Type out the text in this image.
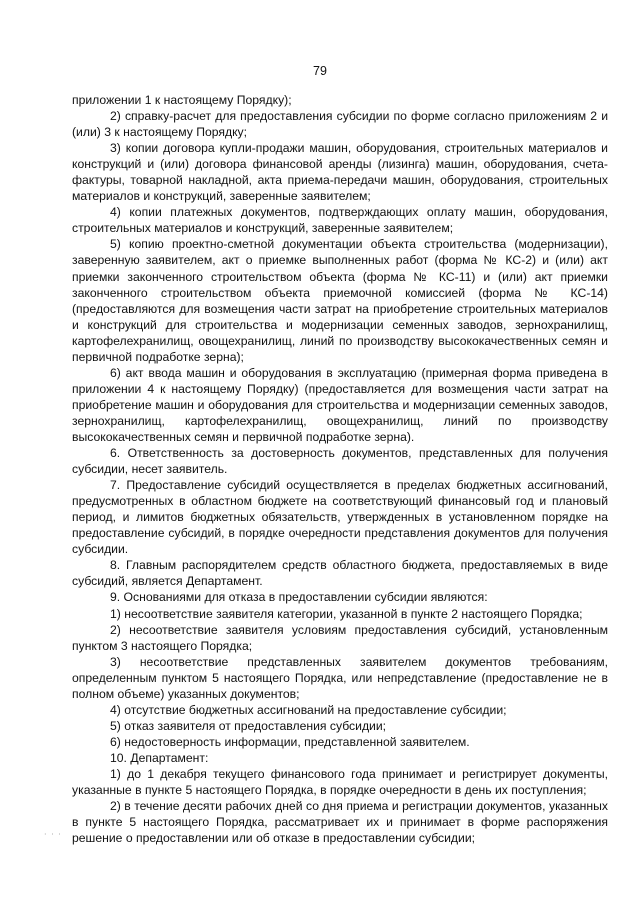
79

приложении 1 к настоящему Порядку);

2) справку-расчет для предоставления субсидии по форме согласно приложениям 2 и (или) 3 к настоящему Порядку;

3) копии договора купли-продажи машин, оборудования, строительных материалов и конструкций и (или) договора финансовой аренды (лизинга) машин, оборудования, счета-фактуры, товарной накладной, акта приема-передачи машин, оборудования, строительных материалов и конструкций, заверенные заявителем;

4) копии платежных документов, подтверждающих оплату машин, оборудования, строительных материалов и конструкций, заверенные заявителем;

5) копию проектно-сметной документации объекта строительства (модернизации), заверенную заявителем, акт о приемке выполненных работ (форма № КС-2) и (или) акт приемки законченного строительством объекта (форма № КС-11) и (или) акт приемки законченного строительством объекта приемочной комиссией (форма № КС-14) (предоставляются для возмещения части затрат на приобретение строительных материалов и конструкций для строительства и модернизации семенных заводов, зернохранилищ, картофелехранилищ, овощехранилищ, линий по производству высококачественных семян и первичной подработке зерна);

6) акт ввода машин и оборудования в эксплуатацию (примерная форма приведена в приложении 4 к настоящему Порядку) (предоставляется для возмещения части затрат на приобретение машин и оборудования для строительства и модернизации семенных заводов, зернохранилищ, картофелехранилищ, овощехранилищ, линий по производству высококачественных семян и первичной подработке зерна).

6. Ответственность за достоверность документов, представленных для получения субсидии, несет заявитель.

7. Предоставление субсидий осуществляется в пределах бюджетных ассигнований, предусмотренных в областном бюджете на соответствующий финансовый год и плановый период, и лимитов бюджетных обязательств, утвержденных в установленном порядке на предоставление субсидий, в порядке очередности представления документов для получения субсидии.

8. Главным распорядителем средств областного бюджета, предоставляемых в виде субсидий, является Департамент.

9. Основаниями для отказа в предоставлении субсидии являются:

1) несоответствие заявителя категории, указанной в пункте 2 настоящего Порядка;

2) несоответствие заявителя условиям предоставления субсидий, установленным пунктом 3 настоящего Порядка;

3) несоответствие представленных заявителем документов требованиям, определенным пунктом 5 настоящего Порядка, или непредставление (предоставление не в полном объеме) указанных документов;

4) отсутствие бюджетных ассигнований на предоставление субсидии;

5) отказ заявителя от предоставления субсидии;

6) недостоверность информации, представленной заявителем.

10. Департамент:

1) до 1 декабря текущего финансового года принимает и регистрирует документы, указанные в пункте 5 настоящего Порядка, в порядке очередности в день их поступления;

2) в течение десяти рабочих дней со дня приема и регистрации документов, указанных в пункте 5 настоящего Порядка, рассматривает их и принимает в форме распоряжения решение о предоставлении или об отказе в предоставлении субсидии;

· · ·
